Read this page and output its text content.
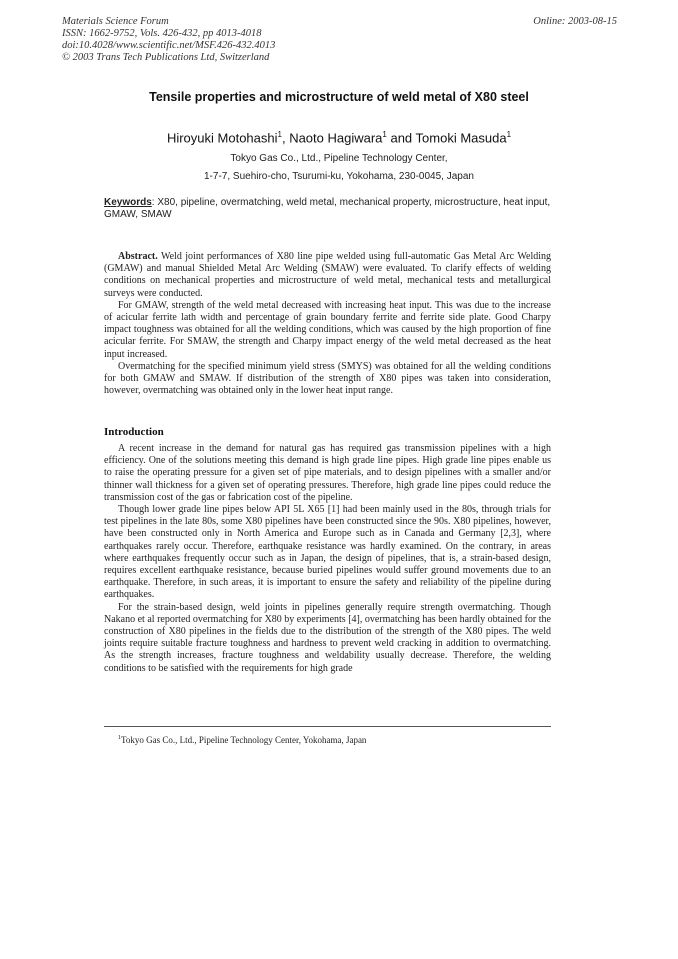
Materials Science Forum
ISSN: 1662-9752, Vols. 426-432, pp 4013-4018
doi:10.4028/www.scientific.net/MSF.426-432.4013
© 2003 Trans Tech Publications Ltd, Switzerland
Online: 2003-08-15
Tensile properties and microstructure of weld metal of X80 steel
Hiroyuki Motohashi$^1$, Naoto Hagiwara$^1$ and Tomoki Masuda$^1$
Tokyo Gas Co., Ltd., Pipeline Technology Center,
1-7-7, Suehiro-cho, Tsurumi-ku, Yokohama, 230-0045, Japan
Keywords: X80, pipeline, overmatching, weld metal, mechanical property, microstructure, heat input, GMAW, SMAW

Abstract. Weld joint performances of X80 line pipe welded using full-automatic Gas Metal Arc Welding (GMAW) and manual Shielded Metal Arc Welding (SMAW) were evaluated. To clarify effects of welding conditions on mechanical properties and microstructure of weld metal, mechanical tests and metallurgical surveys were conducted.

For GMAW, strength of the weld metal decreased with increasing heat input. This was due to the increase of acicular ferrite lath width and percentage of grain boundary ferrite and ferrite side plate. Good Charpy impact toughness was obtained for all the welding conditions, which was caused by the high proportion of fine acicular ferrite. For SMAW, the strength and Charpy impact energy of the weld metal decreased as the heat input increased.

Overmatching for the specified minimum yield stress (SMYS) was obtained for all the welding conditions for both GMAW and SMAW. If distribution of the strength of X80 pipes was taken into consideration, however, overmatching was obtained only in the lower heat input range.

Introduction

A recent increase in the demand for natural gas has required gas transmission pipelines with a high efficiency. One of the solutions meeting this demand is high grade line pipes. High grade line pipes enable us to raise the operating pressure for a given set of pipe materials, and to design pipelines with a smaller and/or thinner wall thickness for a given set of operating pressures. Therefore, high grade line pipes could reduce the transmission cost of the gas or fabrication cost of the pipeline.

Though lower grade line pipes below API 5L X65 [1] had been mainly used in the 80s, through trials for test pipelines in the late 80s, some X80 pipelines have been constructed since the 90s. X80 pipelines, however, have been constructed only in North America and Europe such as in Canada and Germany [2,3], where earthquakes rarely occur. Therefore, earthquake resistance was hardly examined. On the contrary, in areas where earthquakes frequently occur such as in Japan, the design of pipelines, that is, a strain-based design, requires excellent earthquake resistance, because buried pipelines would suffer ground movements due to an earthquake. Therefore, in such areas, it is important to ensure the safety and reliability of the pipeline during earthquakes.

For the strain-based design, weld joints in pipelines generally require strength overmatching. Though Nakano et al reported overmatching for X80 by experiments [4], overmatching has been hardly obtained for the construction of X80 pipelines in the fields due to the distribution of the strength of the X80 pipes. The weld joints require suitable fracture toughness and hardness to prevent weld cracking in addition to overmatching. As the strength increases, fracture toughness and weldability usually decrease. Therefore, the welding conditions to be satisfied with the requirements for high grade

$^1$Tokyo Gas Co., Ltd., Pipeline Technology Center, Yokohama, Japan
